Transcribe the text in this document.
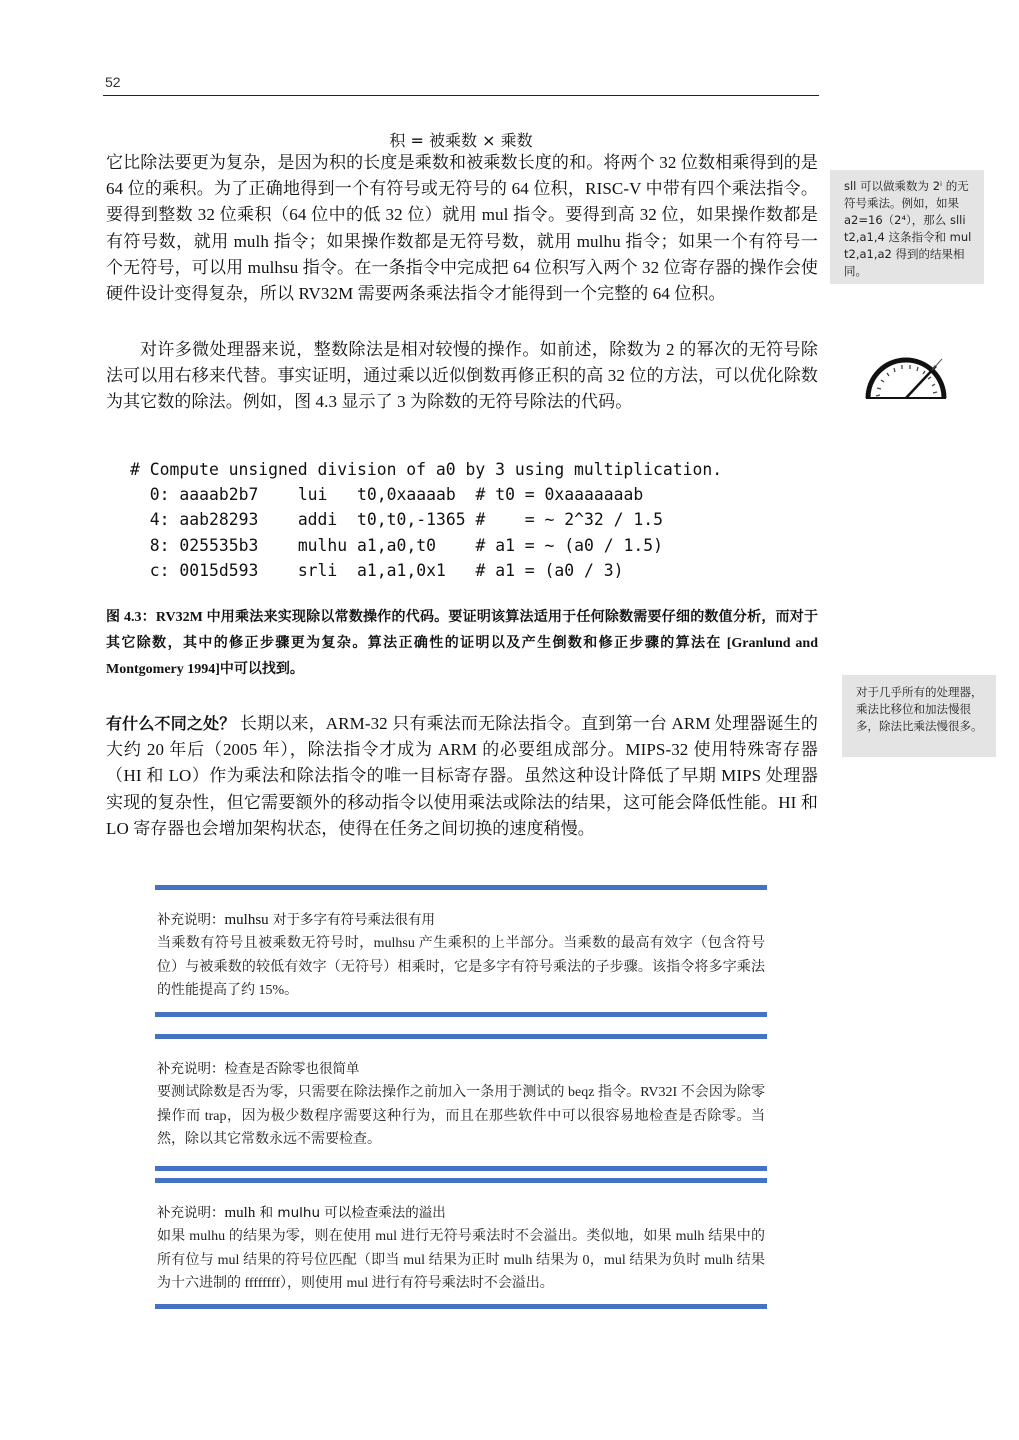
52
积 = 被乘数 × 乘数

它比除法要更为复杂，是因为积的长度是乘数和被乘数长度的和。将两个 32 位数相乘得到的是 64 位的乘积。为了正确地得到一个有符号或无符号的 64 位积，RISC-V 中带有四个乘法指令。要得到整数 32 位乘积（64 位中的低 32 位）就用 mul 指令。要得到高 32 位，如果操作数都是有符号数，就用 mulh 指令；如果操作数都是无符号数，就用 mulhu 指令；如果一个有符号一个无符号，可以用 mulhsu 指令。在一条指令中完成把 64 位积写入两个 32 位寄存器的操作会使硬件设计变得复杂，所以 RV32M 需要两条乘法指令才能得到一个完整的 64 位积。

对许多微处理器来说，整数除法是相对较慢的操作。如前述，除数为 2 的幂次的无符号除法可以用右移来代替。事实证明，通过乘以近似倒数再修正积的高 32 位的方法，可以优化除数为其它数的除法。例如，图 4.3 显示了 3 为除数的无符号除法的代码。

sll 可以做乘数为 2ⁱ 的无符号乘法。例如，如果 a2=16（2⁴），那么 slli t2,a1,4 这条指令和 mul t2,a1,a2 得到的结果相同。
# Compute unsigned division of a0 by 3 using multiplication.
0: aaaab2b7 lui   t0,0xaaaab  # t0 = 0xaaaaaaab
4: aab28293 addi  t0,t0,-1365 #    = ~ 2^32 / 1.5
8: 025535b3 mulhu a1,a0,t0    # a1 = ~ (a0 / 1.5)
c: 0015d593 srli  a1,a1,0x1   # a1 = (a0 / 3)

图 4.3：RV32M 中用乘法来实现除以常数操作的代码。要证明该算法适用于任何除数需要仔细的数值分析，而对于其它除数，其中的修正步骤更为复杂。算法正确性的证明以及产生倒数和修正步骤的算法在 [Granlund and Montgomery 1994]中可以找到。

对于几乎所有的处理器，乘法比移位和加法慢很多，除法比乘法慢很多。

有什么不同之处？ 长期以来，ARM-32 只有乘法而无除法指令。直到第一台 ARM 处理器诞生的大约 20 年后（2005 年），除法指令才成为 ARM 的必要组成部分。MIPS-32 使用特殊寄存器（HI 和 LO）作为乘法和除法指令的唯一目标寄存器。虽然这种设计降低了早期 MIPS 处理器实现的复杂性，但它需要额外的移动指令以使用乘法或除法的结果，这可能会降低性能。HI 和 LO 寄存器也会增加架构状态，使得在任务之间切换的速度稍慢。

补充说明：mulhsu 对于多字有符号乘法很有用

当乘数有符号且被乘数无符号时，mulhsu 产生乘积的上半部分。当乘数的最高有效字（包含符号位）与被乘数的较低有效字（无符号）相乘时，它是多字有符号乘法的子步骤。该指令将多字乘法的性能提高了约 15%。

补充说明：检查是否除零也很简单

要测试除数是否为零，只需要在除法操作之前加入一条用于测试的 beqz 指令。RV32I 不会因为除零操作而 trap，因为极少数程序需要这种行为，而且在那些软件中可以很容易地检查是否除零。当然，除以其它常数永远不需要检查。

补充说明：mulh 和 mulhu 可以检查乘法的溢出

如果 mulhu 的结果为零，则在使用 mul 进行无符号乘法时不会溢出。类似地，如果 mulh 结果中的所有位与 mul 结果的符号位匹配（即当 mul 结果为正时 mulh 结果为 0，mul 结果为负时 mulh 结果为十六进制的 ffffffff），则使用 mul 进行有符号乘法时不会溢出。
